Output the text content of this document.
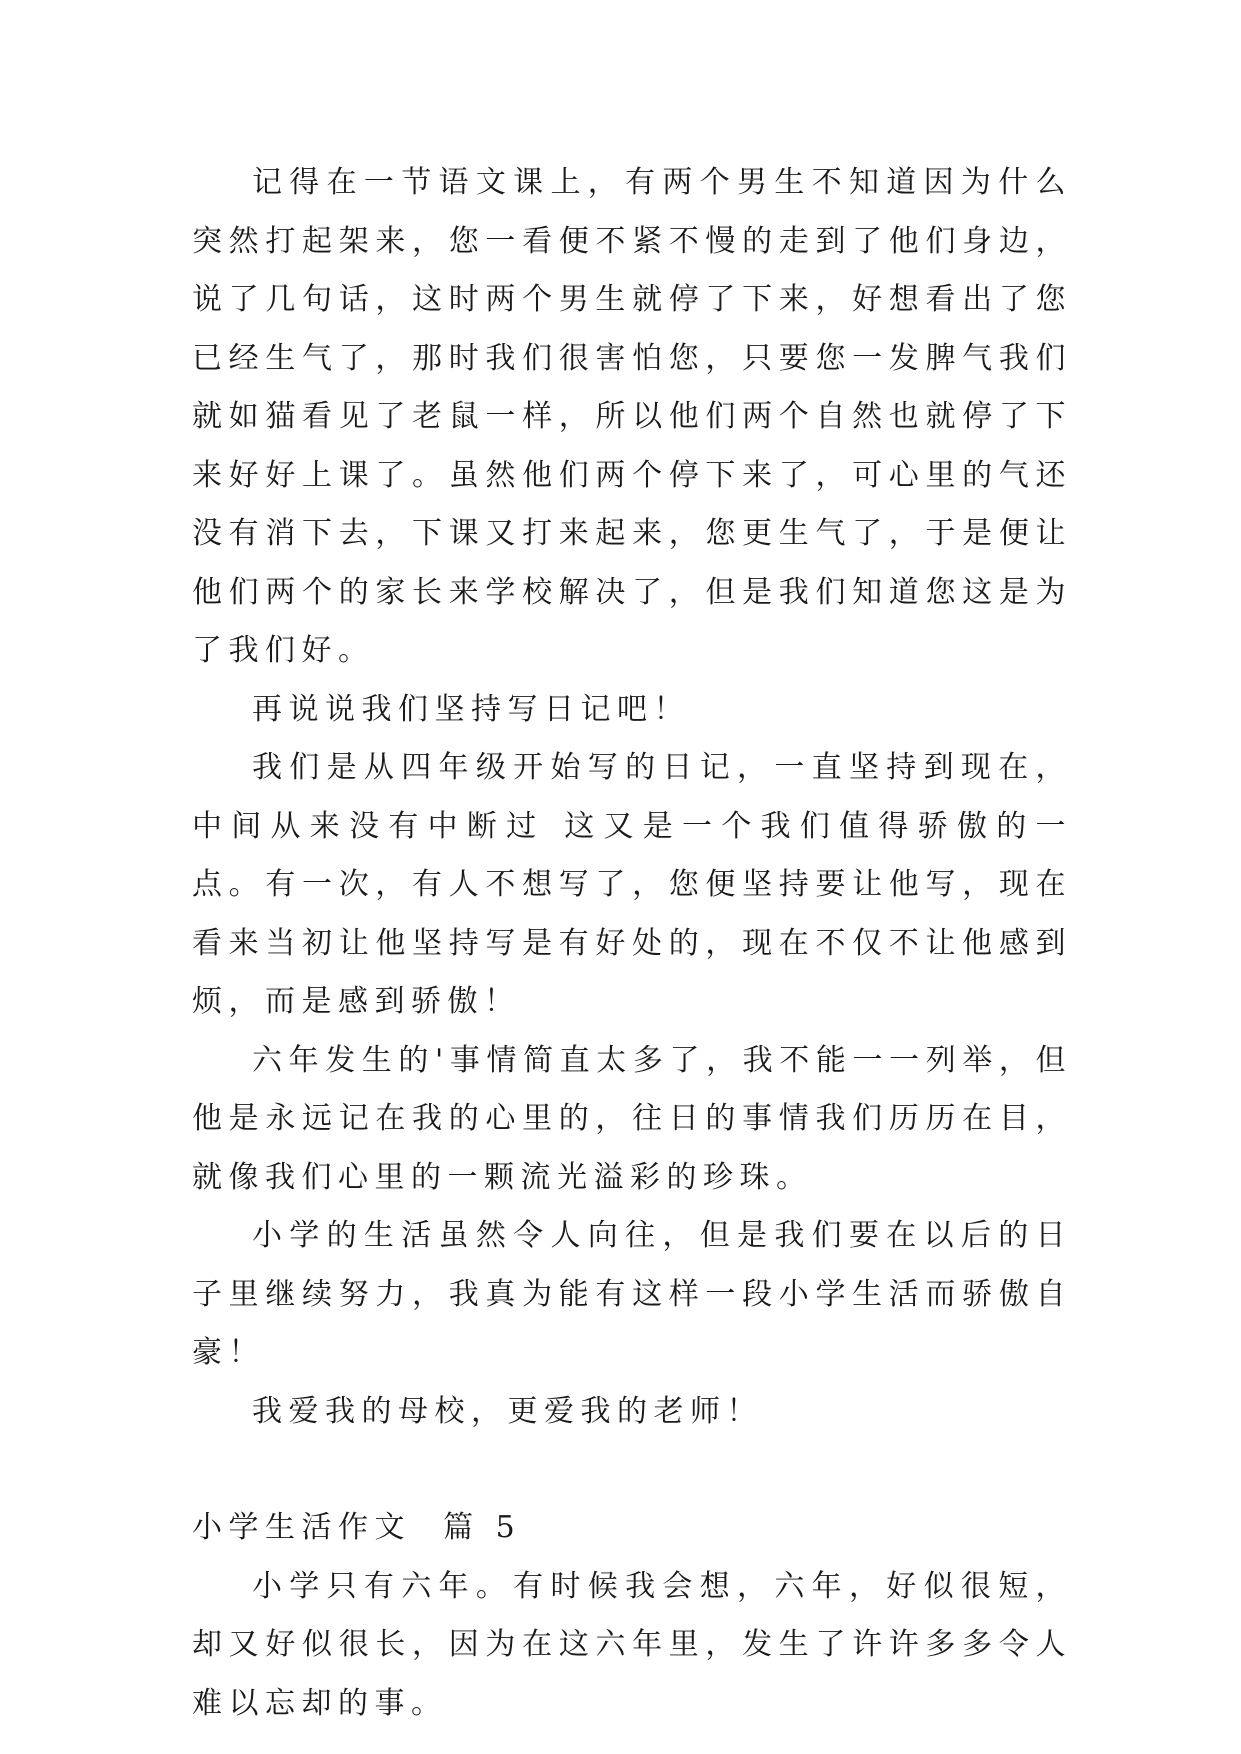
记得在一节语文课上，有两个男生不知道因为什么突然打起架来，您一看便不紧不慢的走到了他们身边，说了几句话，这时两个男生就停了下来，好想看出了您已经生气了，那时我们很害怕您，只要您一发脾气我们就如猫看见了老鼠一样，所以他们两个自然也就停了下来好好上课了。虽然他们两个停下来了，可心里的气还没有消下去，下课又打来起来，您更生气了，于是便让他们两个的家长来学校解决了，但是我们知道您这是为了我们好。

再说说我们坚持写日记吧！

我们是从四年级开始写的日记，一直坚持到现在，中间从来没有中断过 这又是一个我们值得骄傲的一点。有一次，有人不想写了，您便坚持要让他写，现在看来当初让他坚持写是有好处的，现在不仅不让他感到烦，而是感到骄傲！

六年发生的'事情简直太多了，我不能一一列举，但他是永远记在我的心里的，往日的事情我们历历在目，就像我们心里的一颗流光溢彩的珍珠。

小学的生活虽然令人向往，但是我们要在以后的日子里继续努力，我真为能有这样一段小学生活而骄傲自豪！

我爱我的母校，更爱我的老师！

小学生活作文  篇 5

小学只有六年。有时候我会想，六年，好似很短，却又好似很长，因为在这六年里，发生了许许多多令人难以忘却的事。
